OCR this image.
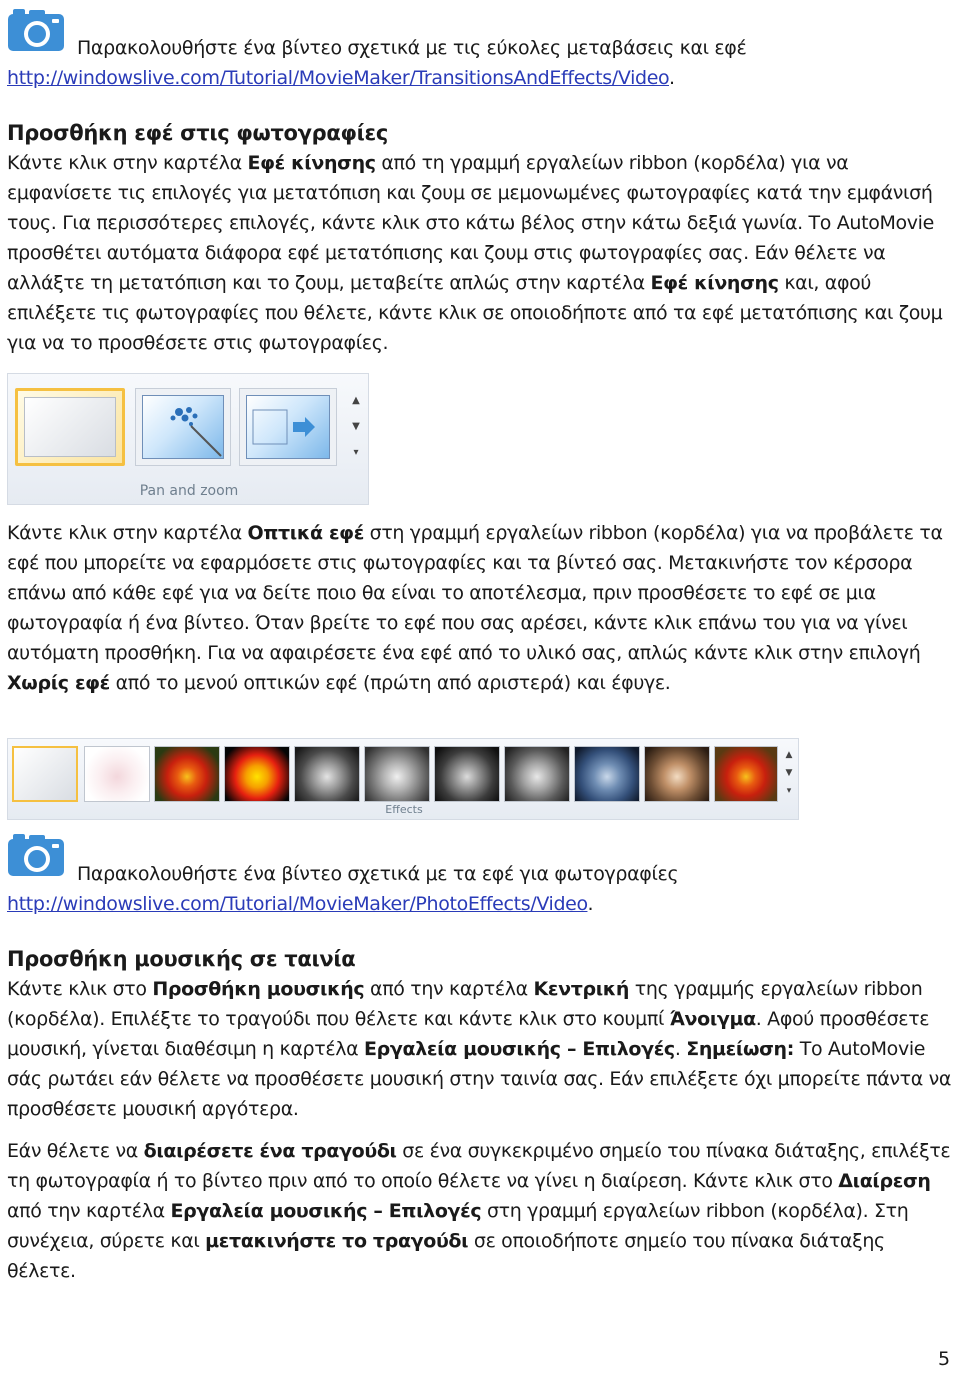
Παρακολουθήστε ένα βίντεο σχετικά με τις εύκολες μεταβάσεις και εφέ
http://windowslive.com/Tutorial/MovieMaker/TransitionsAndEffects/Video.
Προσθήκη εφέ στις φωτογραφίες

Κάντε κλικ στην καρτέλα Εφέ κίνησης από τη γραμμή εργαλείων ribbon (κορδέλα) για να εμφανίσετε τις επιλογές για μετατόπιση και ζουμ σε μεμονωμένες φωτογραφίες κατά την εμφάνισή τους. Για περισσότερες επιλογές, κάντε κλικ στο κάτω βέλος στην κάτω δεξιά γωνία. Το AutoMovie προσθέτει αυτόματα διάφορα εφέ μετατόπισης και ζουμ στις φωτογραφίες σας. Εάν θέλετε να αλλάξτε τη μετατόπιση και το ζουμ, μεταβείτε απλώς στην καρτέλα Εφέ κίνησης και, αφού επιλέξετε τις φωτογραφίες που θέλετε, κάντε κλικ σε οποιοδήποτε από τα εφέ μετατόπισης και ζουμ για να το προσθέσετε στις φωτογραφίες.

▲
▼
▾
Pan and zoom

Κάντε κλικ στην καρτέλα Οπτικά εφέ στη γραμμή εργαλείων ribbon (κορδέλα) για να προβάλετε τα εφέ που μπορείτε να εφαρμόσετε στις φωτογραφίες και τα βίντεό σας. Μετακινήστε τον κέρσορα επάνω από κάθε εφέ για να δείτε ποιο θα είναι το αποτέλεσμα, πριν προσθέσετε το εφέ σε μια φωτογραφία ή ένα βίντεο. Όταν βρείτε το εφέ που σας αρέσει, κάντε κλικ επάνω του για να γίνει αυτόματη προσθήκη. Για να αφαιρέσετε ένα εφέ από το υλικό σας, απλώς κάντε κλικ στην επιλογή Χωρίς εφέ από το μενού οπτικών εφέ (πρώτη από αριστερά) και έφυγε.

▲
▼
▾
Effects
Παρακολουθήστε ένα βίντεο σχετικά με τα εφέ για φωτογραφίες
http://windowslive.com/Tutorial/MovieMaker/PhotoEffects/Video.
Προσθήκη μουσικής σε ταινία

Κάντε κλικ στο Προσθήκη μουσικής από την καρτέλα Κεντρική της γραμμής εργαλείων ribbon (κορδέλα). Επιλέξτε το τραγούδι που θέλετε και κάντε κλικ στο κουμπί Άνοιγμα. Αφού προσθέσετε μουσική, γίνεται διαθέσιμη η καρτέλα Εργαλεία μουσικής – Επιλογές. Σημείωση: Το AutoMovie σάς ρωτάει εάν θέλετε να προσθέσετε μουσική στην ταινία σας. Εάν επιλέξετε όχι μπορείτε πάντα να προσθέσετε μουσική αργότερα.

Εάν θέλετε να διαιρέσετε ένα τραγούδι σε ένα συγκεκριμένο σημείο του πίνακα διάταξης, επιλέξτε τη φωτογραφία ή το βίντεο πριν από το οποίο θέλετε να γίνει η διαίρεση. Κάντε κλικ στο Διαίρεση από την καρτέλα Εργαλεία μουσικής – Επιλογές στη γραμμή εργαλείων ribbon (κορδέλα). Στη συνέχεια, σύρετε και μετακινήστε το τραγούδι σε οποιοδήποτε σημείο του πίνακα διάταξης θέλετε.

5
